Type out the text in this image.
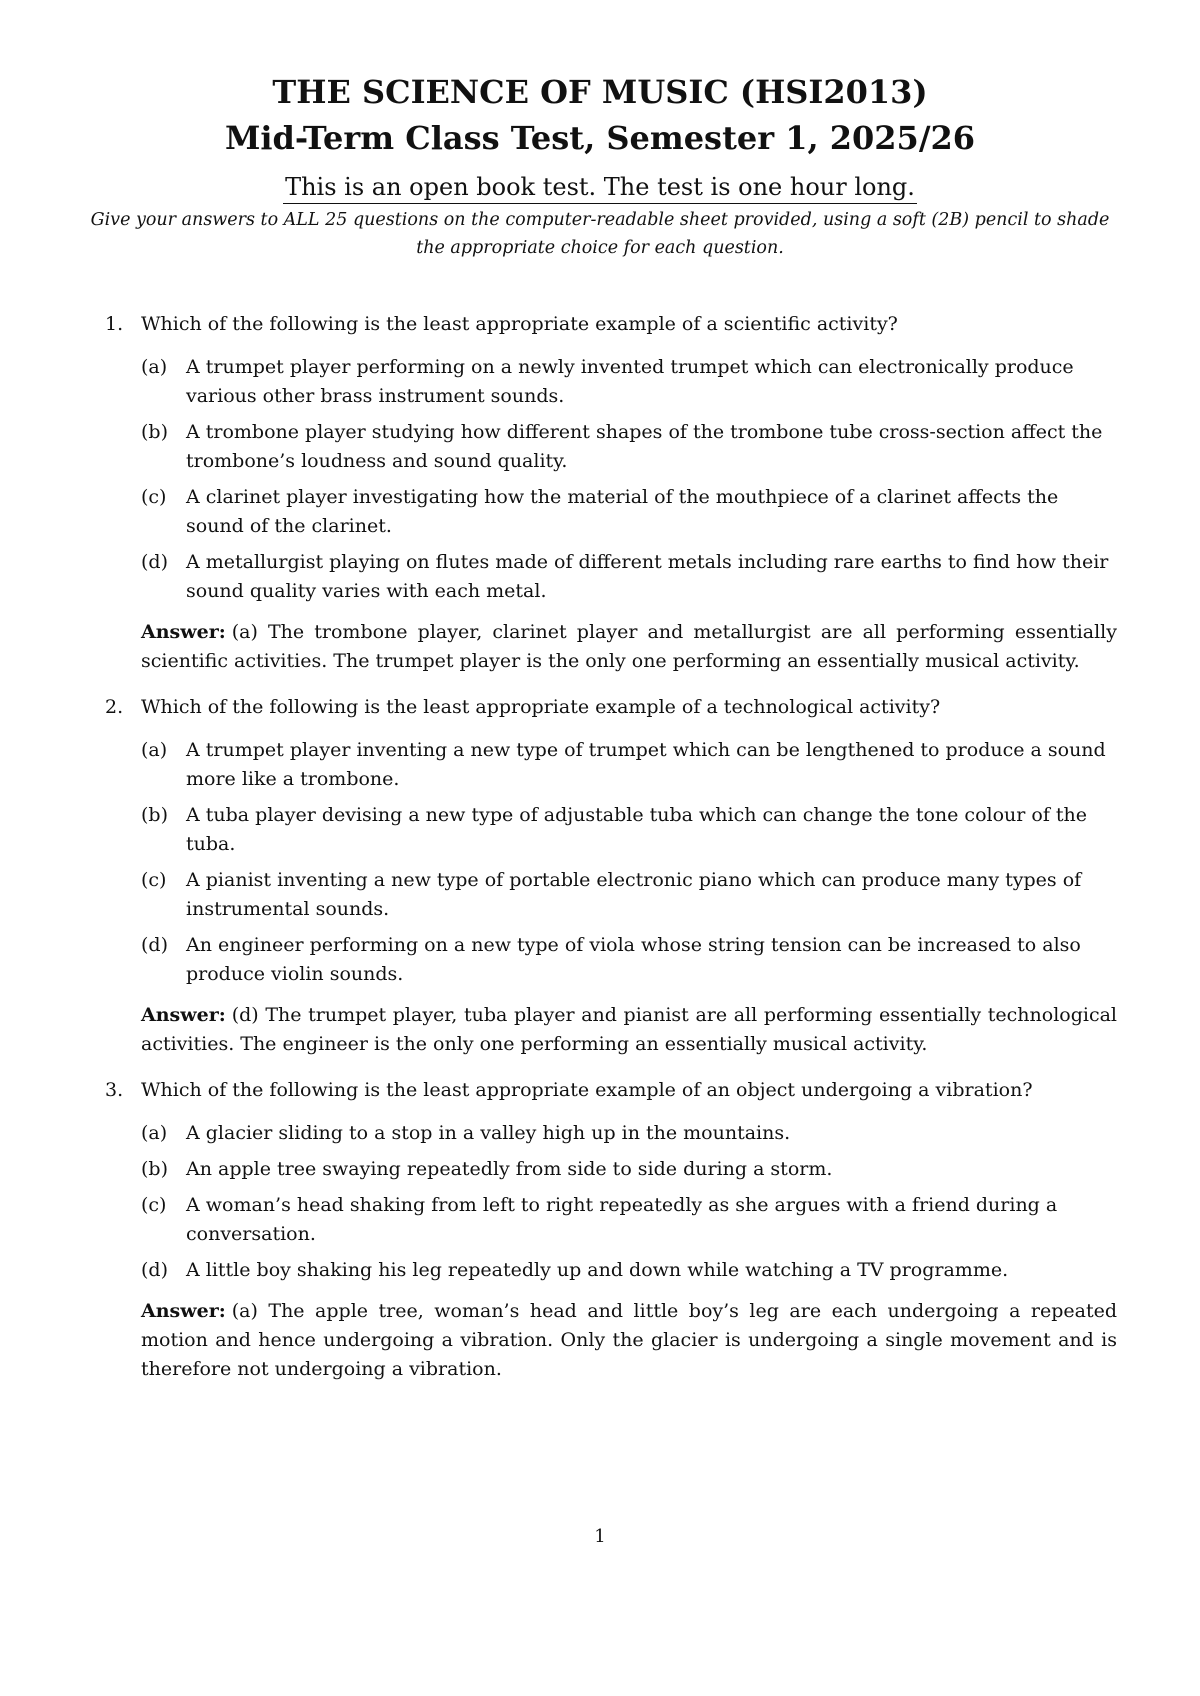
THE SCIENCE OF MUSIC (HSI2013)
Mid-Term Class Test, Semester 1, 2025/26
This is an open book test. The test is one hour long.
Give your answers to ALL 25 questions on the computer-readable sheet provided, using a soft (2B) pencil to shade the appropriate choice for each question.
1. Which of the following is the least appropriate example of a scientific activity?
(a) A trumpet player performing on a newly invented trumpet which can electronically produce various other brass instrument sounds.
(b) A trombone player studying how different shapes of the trombone tube cross-section affect the trombone’s loudness and sound quality.
(c) A clarinet player investigating how the material of the mouthpiece of a clarinet affects the sound of the clarinet.
(d) A metallurgist playing on flutes made of different metals including rare earths to find how their sound quality varies with each metal.
Answer: (a) The trombone player, clarinet player and metallurgist are all performing essentially scientific activities. The trumpet player is the only one performing an essentially musical activity.
2. Which of the following is the least appropriate example of a technological activity?
(a) A trumpet player inventing a new type of trumpet which can be lengthened to produce a sound more like a trombone.
(b) A tuba player devising a new type of adjustable tuba which can change the tone colour of the tuba.
(c) A pianist inventing a new type of portable electronic piano which can produce many types of instrumental sounds.
(d) An engineer performing on a new type of viola whose string tension can be increased to also produce violin sounds.
Answer: (d) The trumpet player, tuba player and pianist are all performing essentially technological activities. The engineer is the only one performing an essentially musical activity.
3. Which of the following is the least appropriate example of an object undergoing a vibration?
(a) A glacier sliding to a stop in a valley high up in the mountains.
(b) An apple tree swaying repeatedly from side to side during a storm.
(c) A woman’s head shaking from left to right repeatedly as she argues with a friend during a conversation.
(d) A little boy shaking his leg repeatedly up and down while watching a TV programme.
Answer: (a) The apple tree, woman’s head and little boy’s leg are each undergoing a repeated motion and hence undergoing a vibration. Only the glacier is undergoing a single movement and is therefore not undergoing a vibration.
1
